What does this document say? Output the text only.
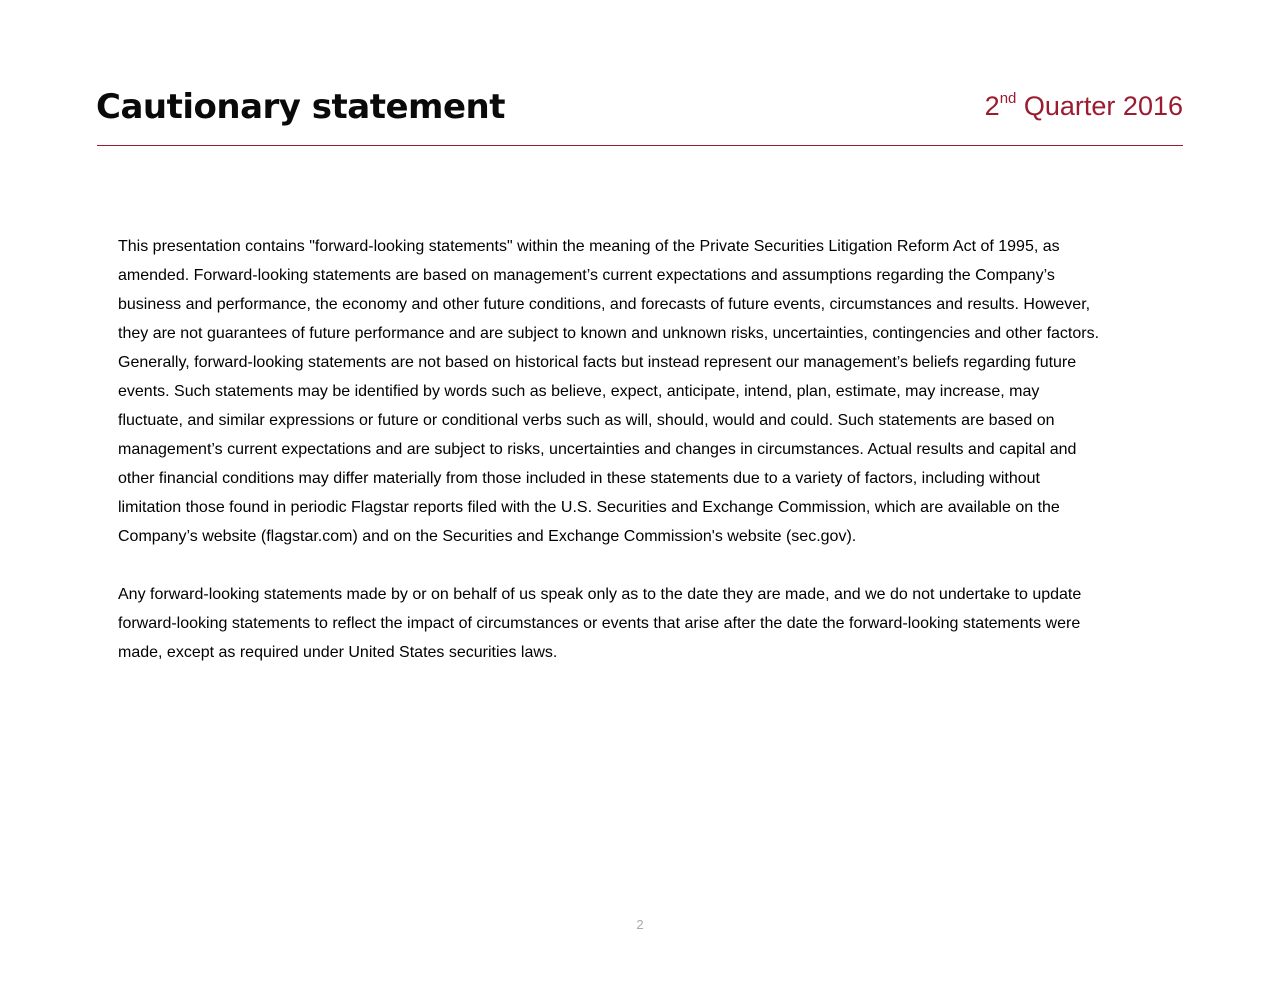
Cautionary statement	2nd Quarter 2016
This presentation contains "forward-looking statements" within the meaning of the Private Securities Litigation Reform Act of 1995, as
amended. Forward-looking statements are based on management’s current expectations and assumptions regarding the Company’s
business and performance, the economy and other future conditions, and forecasts of future events, circumstances and results. However,
they are not guarantees of future performance and are subject to known and unknown risks, uncertainties, contingencies and other factors.
Generally, forward-looking statements are not based on historical facts but instead represent our management’s beliefs regarding future
events. Such statements may be identified by words such as believe, expect, anticipate, intend, plan, estimate, may increase, may
fluctuate, and similar expressions or future or conditional verbs such as will, should, would and could. Such statements are based on
management’s current expectations and are subject to risks, uncertainties and changes in circumstances. Actual results and capital and
other financial conditions may differ materially from those included in these statements due to a variety of factors, including without
limitation those found in periodic Flagstar reports filed with the U.S. Securities and Exchange Commission, which are available on the
Company’s website (flagstar.com) and on the Securities and Exchange Commission's website (sec.gov).
Any forward-looking statements made by or on behalf of us speak only as to the date they are made, and we do not undertake to update
forward-looking statements to reflect the impact of circumstances or events that arise after the date the forward-looking statements were
made, except as required under United States securities laws.
2
